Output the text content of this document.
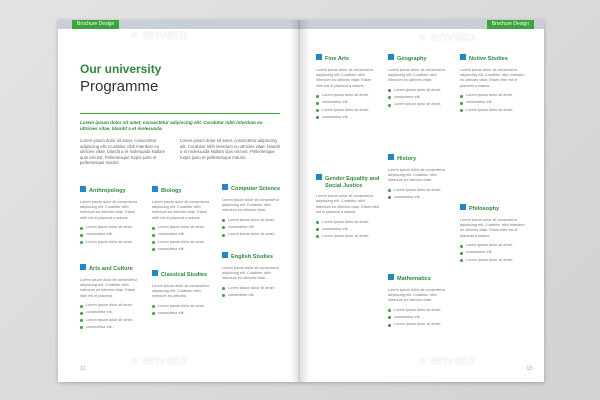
Brochure Design
● envato
● envato
Our university
Programme
Lorem ipsum dolor sit amet, consectetur adipiscing elit. Curabitur nibh interdum eu ultricies vitae, blandit a et molesuada.
Lorem ipsum dolor sit amet, consectetur adipiscing elit. Curabitur nibh interdum eu ultricies vitae, blandit a et molesuada Nullam quis nisl est. Pellentesque turpis justo et pellentesque mauris.
Lorem ipsum dolor sit amet, consectetur adipiscing elit. Curabitur nibh interdum eu ultricies vitae, blandit a et molesuada Nullam quis nisl est. Pellentesque turpis justo et pellentesque mauris.
Anthropology
Lorem ipsum dolor sit consectetur adipiscing elit. Curabitur nibh interdum eu ultricies vitae. Etiam nibh est el placerat a mauris.
Lorem ipsum dolor sit amet,
consectetur elit.
Lorem ipsum dolor sit amet,
Biology
Lorem ipsum dolor sit consectetur adipiscing elit. Curabitur nibh interdum eu ultricies vitae. Etiam nibh est el placerat a mauris.
Lorem ipsum dolor sit amet,
consectetur elit.
Lorem ipsum dolor sit amet,
consectetur elit.
Computer Science
Lorem ipsum dolor sit consectetur adipiscing elit. Curabitur nibh interdum eu ultricies vitae.
Lorem ipsum dolor sit amet,
consectetur elit.
Lorem ipsum dolor sit amet,
Arts and Culture
Lorem ipsum dolor sit consectetur adipiscing elit. Curabitur nibh interdum eu ultricies vitae. Etiam nibh est el placerat.
Lorem ipsum dolor sit amet,
consectetur elit.
Lorem ipsum dolor sit amet,
consectetur elit.
Classical Studies
Lorem ipsum dolor sit consectetur adipiscing elit. Curabitur nibh interdum eu ultricies.
Lorem ipsum dolor sit amet,
consectetur elit.
English Studies
Lorem ipsum dolor sit consectetur adipiscing elit. Curabitur nibh interdum eu ultricies vitae.
Lorem ipsum dolor sit amet,
consectetur elit.
12
Brochure Design
● envato
● envato
Fine Arts
Lorem ipsum dolor sit consectetur adipiscing elit. Curabitur nibh interdum eu ultricies vitae. Etiam nibh est el placerat a mauris.
Lorem ipsum dolor sit amet,
consectetur elit.
Lorem ipsum dolor sit amet,
consectetur elit.
Geography
Lorem ipsum dolor sit consectetur adipiscing elit. Curabitur nibh interdum eu ultricies vitae.
Lorem ipsum dolor sit amet,
consectetur elit.
Lorem ipsum dolor sit amet,
Notive Studies
Lorem ipsum dolor sit consectetur adipiscing elit. Curabitur nibh interdum eu ultricies vitae. Etiam nibh est el placerat a mauris.
Lorem ipsum dolor sit amet,
consectetur elit.
Lorem ipsum dolor sit amet,
History
Lorem ipsum dolor sit consectetur adipiscing elit. Curabitur nibh interdum eu ultricies vitae.
Lorem ipsum dolor sit amet,
consectetur elit.
Gender Equality and Social Justice
Lorem ipsum dolor sit consectetur adipiscing elit. Curabitur nibh interdum eu ultricies vitae. Etiam nibh est el placerat a mauris.
Lorem ipsum dolor sit amet,
consectetur elit.
Lorem ipsum dolor sit amet,
Philosophy
Lorem ipsum dolor sit consectetur adipiscing elit. Curabitur nibh interdum eu ultricies vitae. Etiam nibh est el placerat a mauris.
Lorem ipsum dolor sit amet,
consectetur elit.
Lorem ipsum dolor sit amet,
Mathematics
Lorem ipsum dolor sit consectetur adipiscing elit. Curabitur nibh interdum eu ultricies vitae.
Lorem ipsum dolor sit amet,
consectetur elit.
Lorem ipsum dolor sit amet,
13
